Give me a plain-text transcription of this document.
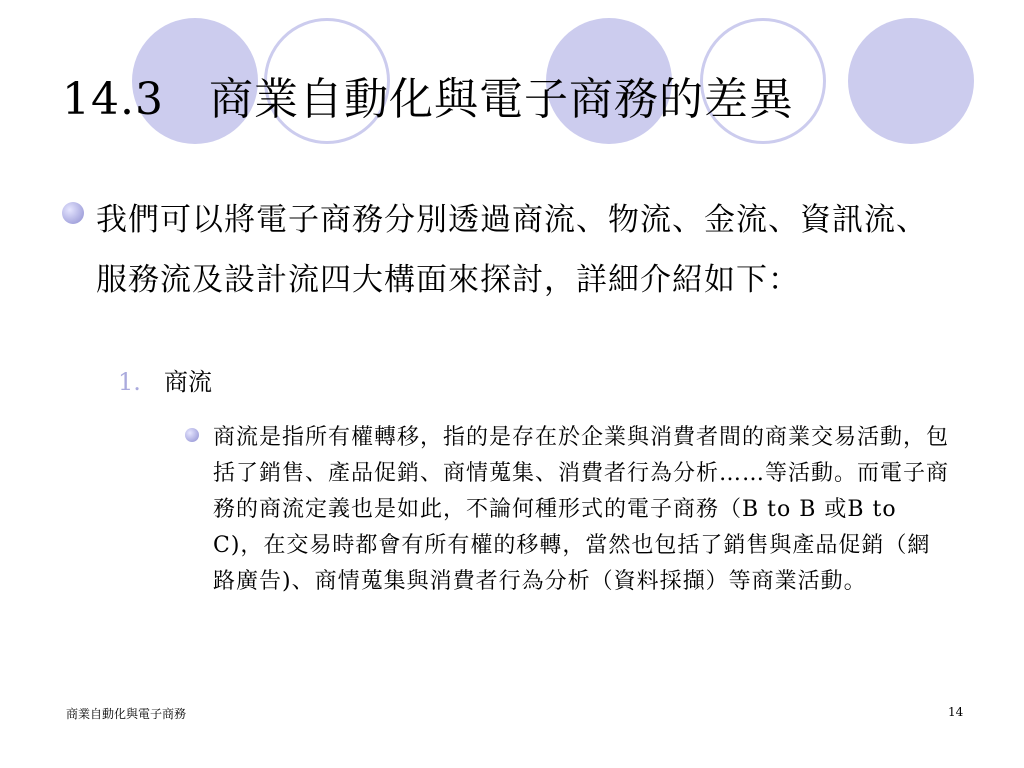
14.3　商業自動化與電子商務的差異
我們可以將電子商務分別透過商流、物流、金流、資訊流、服務流及設計流四大構面來探討，詳細介紹如下：
1. 商流
商流是指所有權轉移，指的是存在於企業與消費者間的商業交易活動，包括了銷售、產品促銷、商情蒐集、消費者行為分析……等活動。而電子商務的商流定義也是如此，不論何種形式的電子商務（B to B 或B to C)，在交易時都會有所有權的移轉，當然也包括了銷售與產品促銷（網路廣告)、商情蒐集與消費者行為分析（資料採擷）等商業活動。
商業自動化與電子商務	14
